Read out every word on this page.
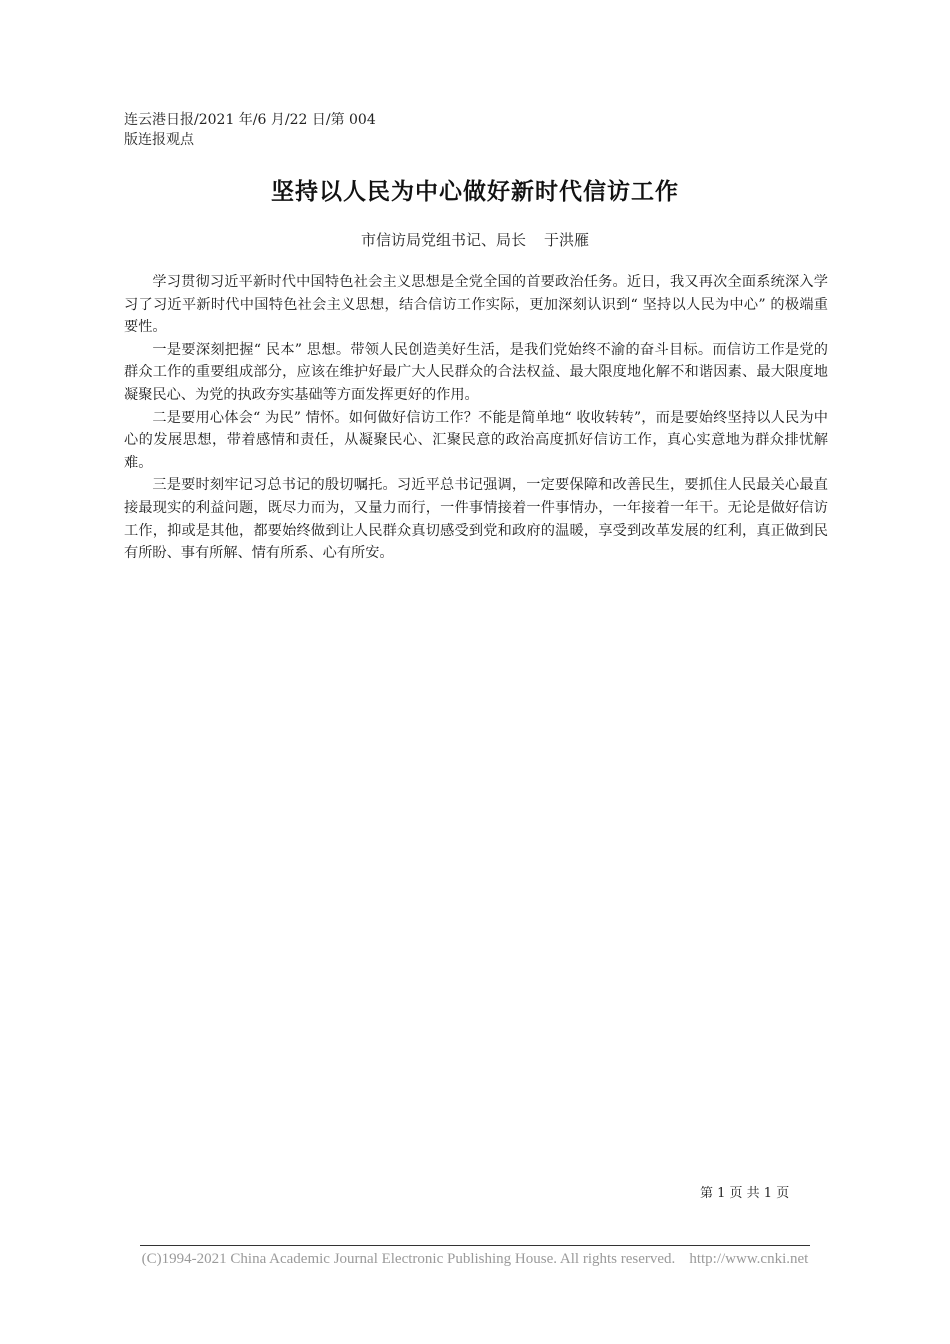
连云港日报/2021 年/6 月/22 日/第 004
版连报观点
坚持以人民为中心做好新时代信访工作
市信访局党组书记、局长 于洪雁

学习贯彻习近平新时代中国特色社会主义思想是全党全国的首要政治任务。近日，我又再次全面系统深入学习了习近平新时代中国特色社会主义思想，结合信访工作实际，更加深刻认识到“ 坚持以人民为中心” 的极端重要性。

一是要深刻把握“ 民本” 思想。带领人民创造美好生活，是我们党始终不渝的奋斗目标。而信访工作是党的群众工作的重要组成部分，应该在维护好最广大人民群众的合法权益、最大限度地化解不和谐因素、最大限度地凝聚民心、为党的执政夯实基础等方面发挥更好的作用。

二是要用心体会“ 为民” 情怀。如何做好信访工作？不能是简单地“ 收收转转”，而是要始终坚持以人民为中心的发展思想，带着感情和责任，从凝聚民心、汇聚民意的政治高度抓好信访工作，真心实意地为群众排忧解难。

三是要时刻牢记习总书记的殷切嘱托。习近平总书记强调，一定要保障和改善民生，要抓住人民最关心最直接最现实的利益问题，既尽力而为，又量力而行，一件事情接着一件事情办，一年接着一年干。无论是做好信访工作，抑或是其他，都要始终做到让人民群众真切感受到党和政府的温暖，享受到改革发展的红利，真正做到民有所盼、事有所解、情有所系、心有所安。

第 1 页 共 1 页
(C)1994-2021 China Academic Journal Electronic Publishing House. All rights reserved. http://www.cnki.net
